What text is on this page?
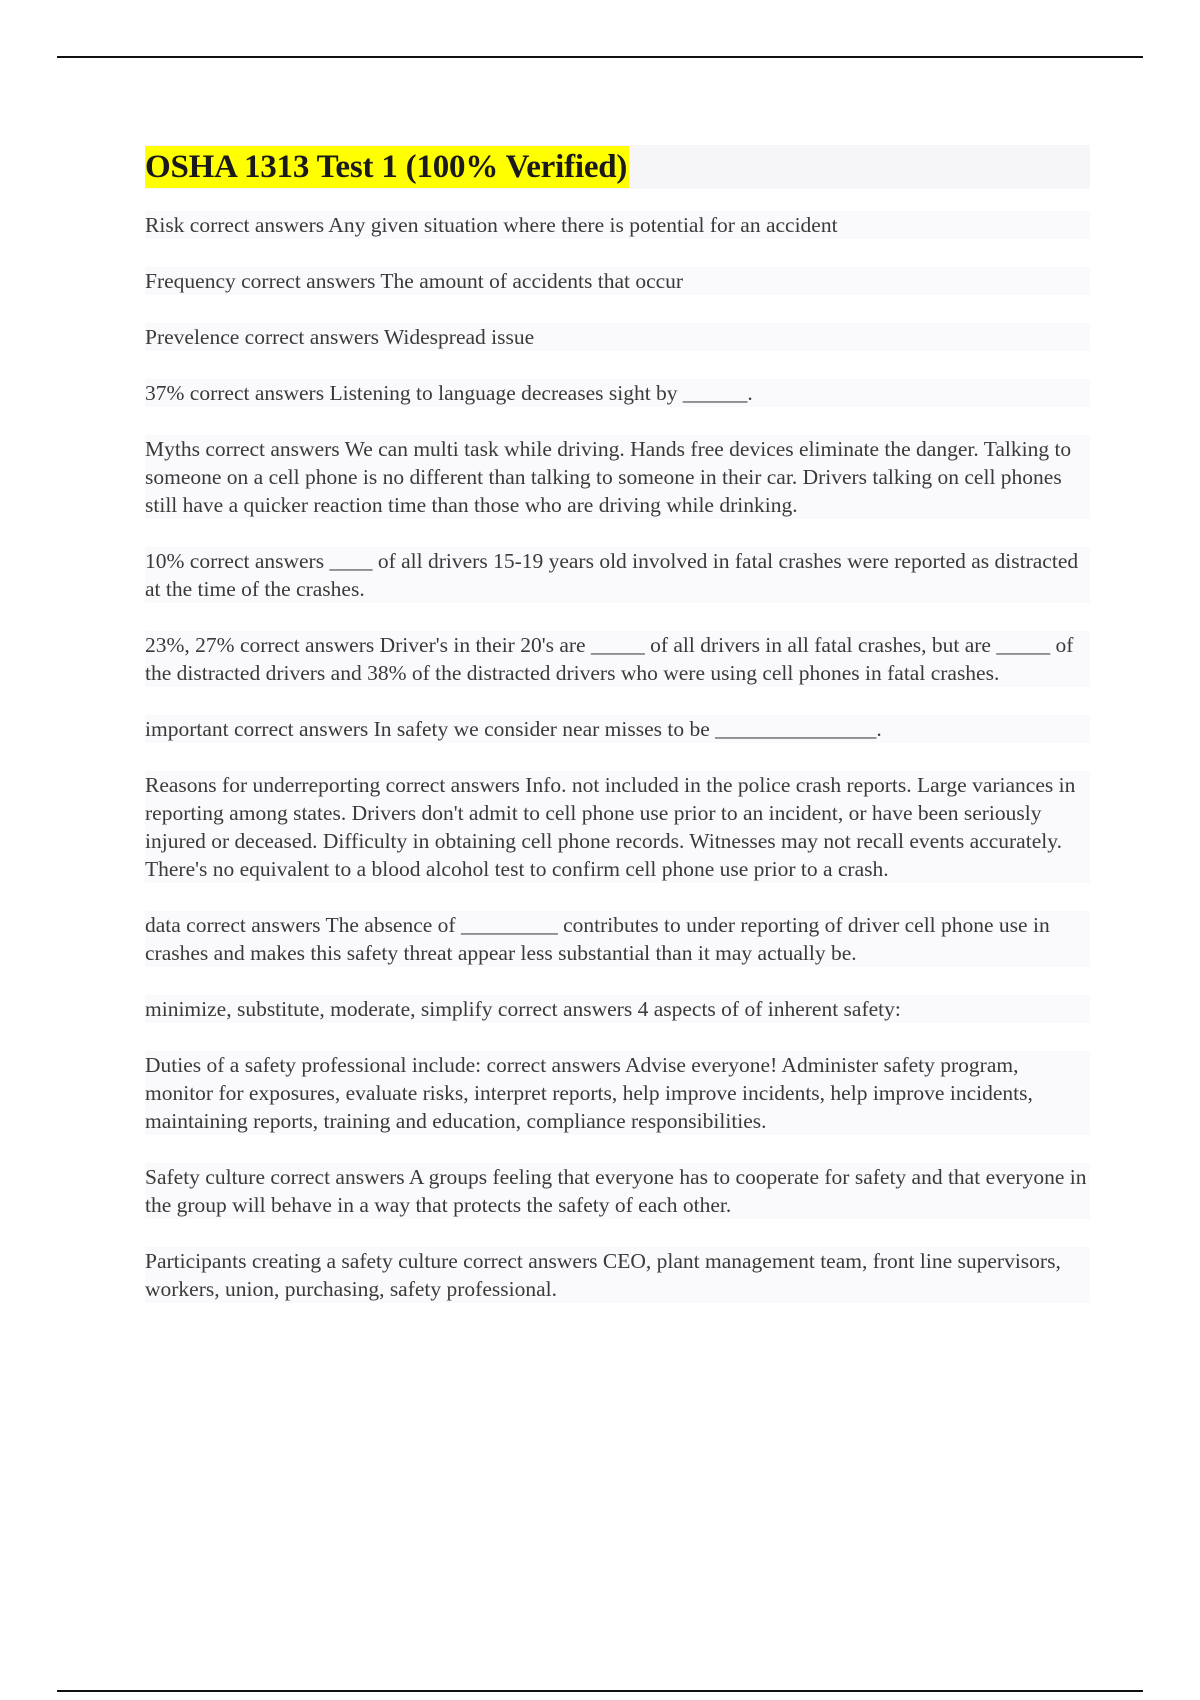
OSHA 1313 Test 1 (100% Verified)

Risk correct answers Any given situation where there is potential for an accident

Frequency correct answers The amount of accidents that occur

Prevelence correct answers Widespread issue

37% correct answers Listening to language decreases sight by ______.

Myths correct answers We can multi task while driving. Hands free devices eliminate the danger. Talking to someone on a cell phone is no different than talking to someone in their car. Drivers talking on cell phones still have a quicker reaction time than those who are driving while drinking.

10% correct answers ____ of all drivers 15-19 years old involved in fatal crashes were reported as distracted at the time of the crashes.

23%, 27% correct answers Driver's in their 20's are _____ of all drivers in all fatal crashes, but are _____ of the distracted drivers and 38% of the distracted drivers who were using cell phones in fatal crashes.

important correct answers In safety we consider near misses to be _______________.

Reasons for underreporting correct answers Info. not included in the police crash reports. Large variances in reporting among states. Drivers don't admit to cell phone use prior to an incident, or have been seriously injured or deceased. Difficulty in obtaining cell phone records. Witnesses may not recall events accurately. There's no equivalent to a blood alcohol test to confirm cell phone use prior to a crash.

data correct answers The absence of _________ contributes to under reporting of driver cell phone use in crashes and makes this safety threat appear less substantial than it may actually be.

minimize, substitute, moderate, simplify correct answers 4 aspects of of inherent safety:

Duties of a safety professional include: correct answers Advise everyone! Administer safety program, monitor for exposures, evaluate risks, interpret reports, help improve incidents, help improve incidents, maintaining reports, training and education, compliance responsibilities.

Safety culture correct answers A groups feeling that everyone has to cooperate for safety and that everyone in the group will behave in a way that protects the safety of each other.

Participants creating a safety culture correct answers CEO, plant management team, front line supervisors, workers, union, purchasing, safety professional.
